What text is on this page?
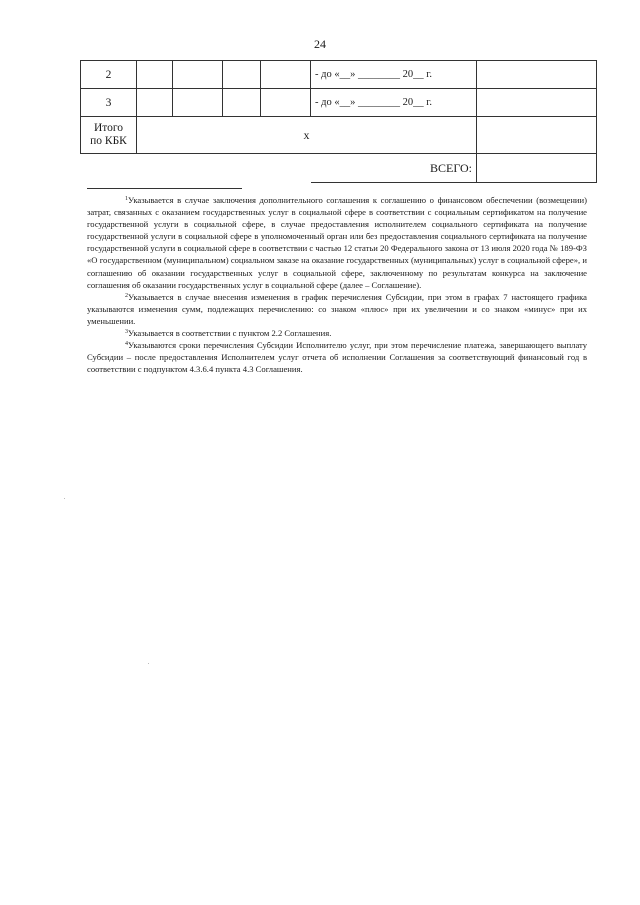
24
2					- до «__» ________ 20__ г.	
3					- до «__» ________ 20__ г.	
Итого
по КБК	х					
					ВСЕГО:	

$^1$Указывается в случае заключения дополнительного соглашения к соглашению о финансовом обеспечении (возмещении) затрат, связанных с оказанием государственных услуг в социальной сфере в соответствии с социальным сертификатом на получение государственной услуги в социальной сфере, в случае предоставления исполнителем социального сертификата на получение государственной услуги в социальной сфере в уполномоченный орган или без предоставления социального сертификата на получение государственной услуги в социальной сфере в соответствии с частью 12 статьи 20 Федерального закона от 13 июля 2020 года № 189-ФЗ «О государственном (муниципальном) социальном заказе на оказание государственных (муниципальных) услуг в социальной сфере», и соглашению об оказании государственных услуг в социальной сфере, заключенному по результатам конкурса на заключение соглашения об оказании государственных услуг в социальной сфере (далее – Соглашение).

$^2$Указывается в случае внесения изменения в график перечисления Субсидии, при этом в графах 7 настоящего графика указываются изменения сумм, подлежащих перечислению: со знаком «плюс» при их увеличении и со знаком «минус» при их уменьшении.

$^3$Указывается в соответствии с пунктом 2.2 Соглашения.

$^4$Указываются сроки перечисления Субсидии Исполнителю услуг, при этом перечисление платежа, завершающего выплату Субсидии – после предоставления Исполнителем услуг отчета об исполнении Соглашения за соответствующий финансовый год в соответствии с подпунктом 4.3.6.4 пункта 4.3 Соглашения.
